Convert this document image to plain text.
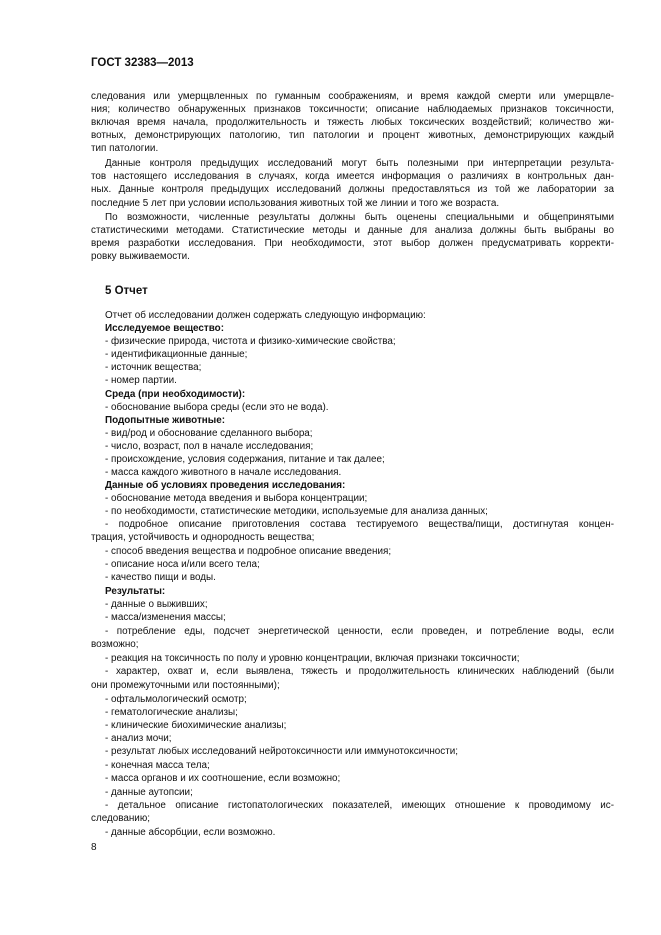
ГОСТ 32383—2013
следования или умерщвленных по гуманным соображениям, и время каждой смерти или умерщвле-
ния; количество обнаруженных признаков токсичности; описание наблюдаемых признаков токсичности,
включая время начала, продолжительность и тяжесть любых токсических воздействий; количество жи-
вотных, демонстрирующих патологию, тип патологии и процент животных, демонстрирующих каждый
тип патологии.
Данные контроля предыдущих исследований могут быть полезными при интерпретации результа-
тов настоящего исследования в случаях, когда имеется информация о различиях в контрольных дан-
ных. Данные контроля предыдущих исследований должны предоставляться из той же лаборатории за
последние 5 лет при условии использования животных той же линии и того же возраста.
По возможности, численные результаты должны быть оценены специальными и общепринятыми
статистическими методами. Статистические методы и данные для анализа должны быть выбраны во
время разработки исследования. При необходимости, этот выбор должен предусматривать корректи-
ровку выживаемости.
5 Отчет
Отчет об исследовании должен содержать следующую информацию:
Исследуемое вещество:
- физические природа, чистота и физико-химические свойства;
- идентификационные данные;
- источник вещества;
- номер партии.
Среда (при необходимости):
- обоснование выбора среды (если это не вода).
Подопытные животные:
- вид/род и обоснование сделанного выбора;
- число, возраст, пол в начале исследования;
- происхождение, условия содержания, питание и так далее;
- масса каждого животного в начале исследования.
Данные об условиях проведения исследования:
- обоснование метода введения и выбора концентрации;
- по необходимости, статистические методики, используемые для анализа данных;
- подробное описание приготовления состава тестируемого вещества/пищи, достигнутая концен-
трация, устойчивость и однородность вещества;
- способ введения вещества и подробное описание введения;
- описание носа и/или всего тела;
- качество пищи и воды.
Результаты:
- данные о выживших;
- масса/изменения массы;
- потребление еды, подсчет энергетической ценности, если проведен, и потребление воды, если
возможно;
- реакция на токсичность по полу и уровню концентрации, включая признаки токсичности;
- характер, охват и, если выявлена, тяжесть и продолжительность клинических наблюдений (были
они промежуточными или постоянными);
- офтальмологический осмотр;
- гематологические анализы;
- клинические биохимические анализы;
- анализ мочи;
- результат любых исследований нейротоксичности или иммунотоксичности;
- конечная масса тела;
- масса органов и их соотношение, если возможно;
- данные аутопсии;
- детальное описание гистопатологических показателей, имеющих отношение к проводимому ис-
следованию;
- данные абсорбции, если возможно.
8
